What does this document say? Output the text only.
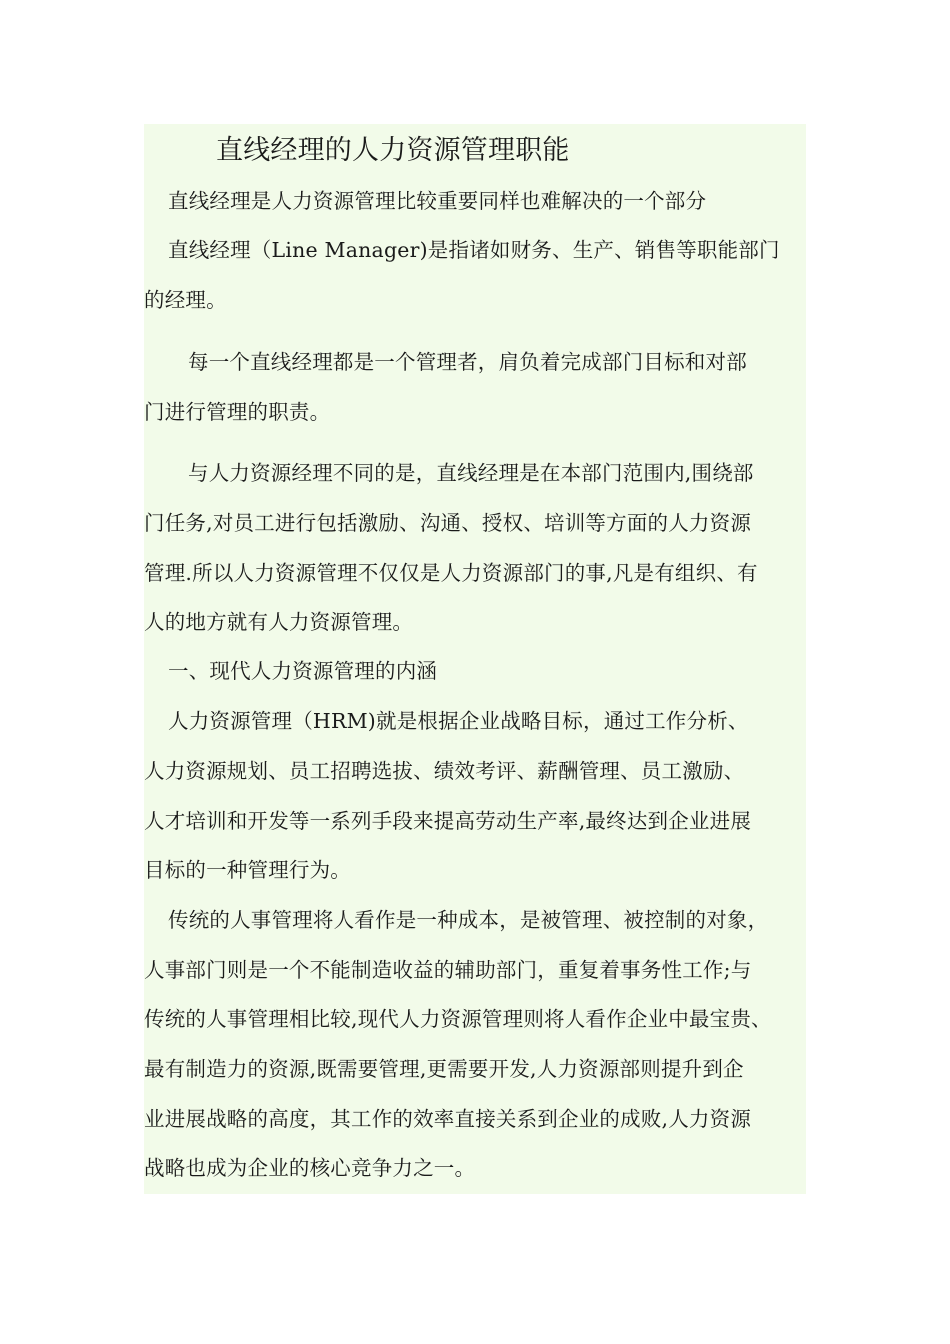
直线经理的人力资源管理职能
直线经理是人力资源管理比较重要同样也难解决的一个部分
直线经理（Line Manager)是指诸如财务、生产、销售等职能部门
的经理。
每一个直线经理都是一个管理者，肩负着完成部门目标和对部
门进行管理的职责。
与人力资源经理不同的是，直线经理是在本部门范围内,围绕部
门任务,对员工进行包括激励、沟通、授权、培训等方面的人力资源
管理.所以人力资源管理不仅仅是人力资源部门的事,凡是有组织、有
人的地方就有人力资源管理。
一、现代人力资源管理的内涵
人力资源管理（HRM)就是根据企业战略目标，通过工作分析、
人力资源规划、员工招聘选拔、绩效考评、薪酬管理、员工激励、
人才培训和开发等一系列手段来提高劳动生产率,最终达到企业进展
目标的一种管理行为。
传统的人事管理将人看作是一种成本，是被管理、被控制的对象，
人事部门则是一个不能制造收益的辅助部门，重复着事务性工作;与
传统的人事管理相比较,现代人力资源管理则将人看作企业中最宝贵、
最有制造力的资源,既需要管理,更需要开发,人力资源部则提升到企
业进展战略的高度，其工作的效率直接关系到企业的成败,人力资源
战略也成为企业的核心竞争力之一。
